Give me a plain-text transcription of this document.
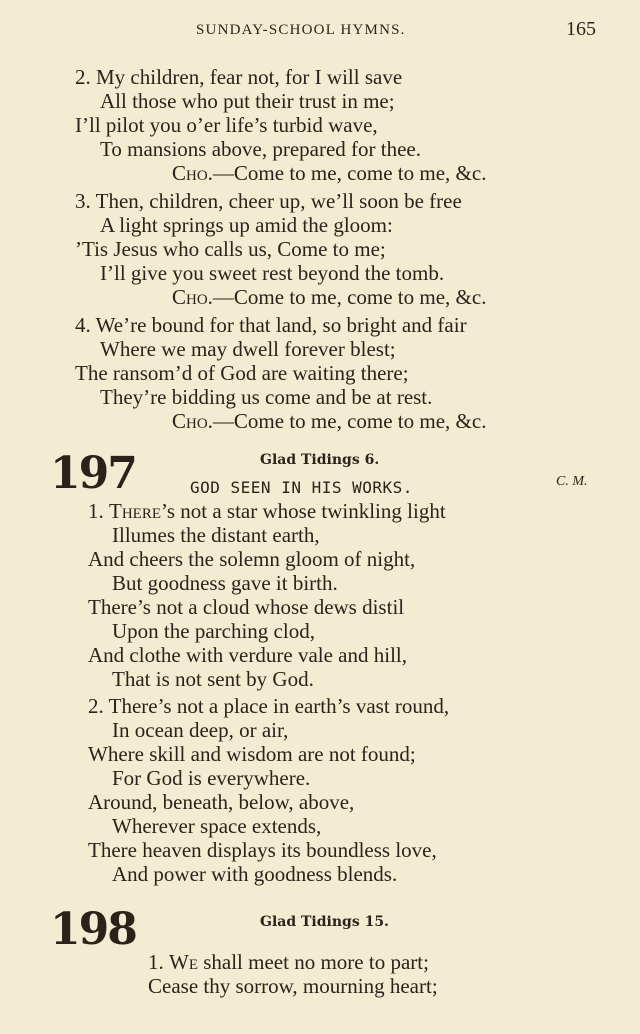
SUNDAY-SCHOOL HYMNS.	165
2. My children, fear not, for I will save
All those who put their trust in me;
I’ll pilot you o’er life’s turbid wave,
To mansions above, prepared for thee.
Cho.—Come to me, come to me, &c.
3. Then, children, cheer up, we’ll soon be free
A light springs up amid the gloom:
’Tis Jesus who calls us, Come to me;
I’ll give you sweet rest beyond the tomb.
Cho.—Come to me, come to me, &c.
4. We’re bound for that land, so bright and fair
Where we may dwell forever blest;
The ransom’d of God are waiting there;
They’re bidding us come and be at rest.
Cho.—Come to me, come to me, &c.
197	Glad Tidings 6.
GOD SEEN IN HIS WORKS.	C. M.
1. There’s not a star whose twinkling light
Illumes the distant earth,
And cheers the solemn gloom of night,
But goodness gave it birth.
There’s not a cloud whose dews distil
Upon the parching clod,
And clothe with verdure vale and hill,
That is not sent by God.
2. There’s not a place in earth’s vast round,
In ocean deep, or air,
Where skill and wisdom are not found;
For God is everywhere.
Around, beneath, below, above,
Wherever space extends,
There heaven displays its boundless love,
And power with goodness blends.
198	Glad Tidings 15.
1. We shall meet no more to part;
Cease thy sorrow, mourning heart;
